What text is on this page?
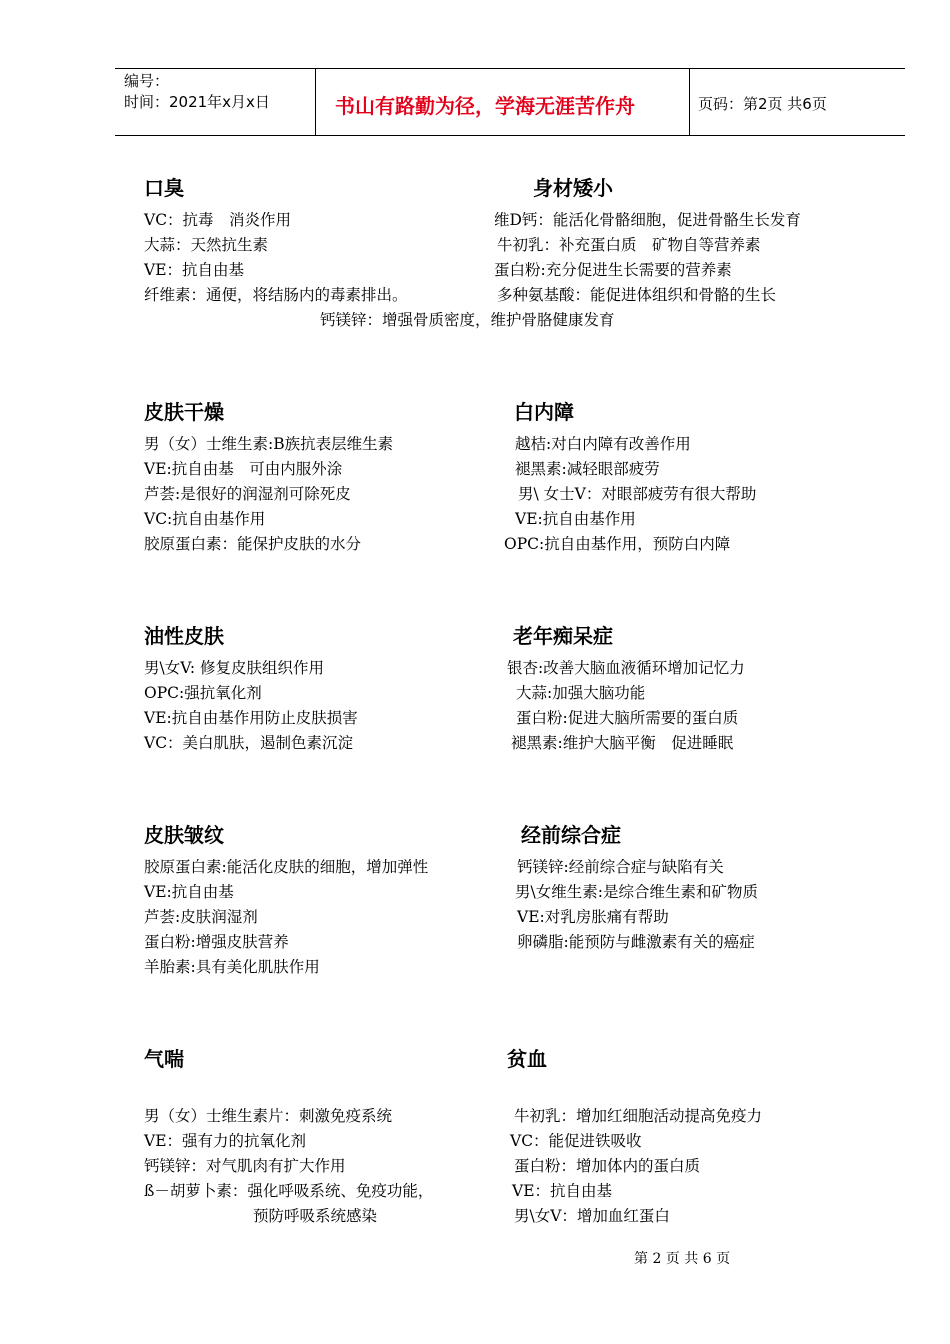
编号：
时间：2021年x月x日	书山有路勤为径，学海无涯苦作舟	页码：第2页 共6页
口臭
VC：抗毒　消炎作用
大蒜：天然抗生素
VE：抗自由基
纤维素：通便，将结肠内的毒素排出。
身材矮小
维D钙：能活化骨骼细胞，促进骨骼生长发育
牛初乳：补充蛋白质　矿物自等营养素
蛋白粉:充分促进生长需要的营养素
多种氨基酸：能促进体组织和骨骼的生长
钙镁锌：增强骨质密度，维护骨胳健康发育
皮肤干燥
男（女）士维生素:B族抗表层维生素
VE:抗自由基　可由内服外涂
芦荟:是很好的润湿剂可除死皮
VC:抗自由基作用
胶原蛋白素：能保护皮肤的水分
白内障
越桔:对白内障有改善作用
褪黑素:减轻眼部疲劳
男\ 女士V：对眼部疲劳有很大帮助
VE:抗自由基作用
OPC:抗自由基作用，预防白内障
油性皮肤
男\女V: 修复皮肤组织作用
OPC:强抗氧化剂
VE:抗自由基作用防止皮肤损害
VC：美白肌肤，遏制色素沉淀
老年痴呆症
银杏:改善大脑血液循环增加记忆力
大蒜:加强大脑功能
蛋白粉:促进大脑所需要的蛋白质
褪黑素:维护大脑平衡　促进睡眠
皮肤皱纹
胶原蛋白素:能活化皮肤的细胞，增加弹性
VE:抗自由基
芦荟:皮肤润湿剂
蛋白粉:增强皮肤营养
羊胎素:具有美化肌肤作用
经前综合症
钙镁锌:经前综合症与缺陷有关
男\女维生素:是综合维生素和矿物质
VE:对乳房胀痛有帮助
卵磷脂:能预防与雌激素有关的癌症
气喘
男（女）士维生素片：刺激免疫系统
VE：强有力的抗氧化剂
钙镁锌：对气肌肉有扩大作用
ß－胡萝卜素：强化呼吸系统、免疫功能，
预防呼吸系统感染
贫血
牛初乳：增加红细胞活动提高免疫力
VC：能促进铁吸收
蛋白粉：增加体内的蛋白质
VE：抗自由基
男\女V：增加血红蛋白
第 2 页 共 6 页
